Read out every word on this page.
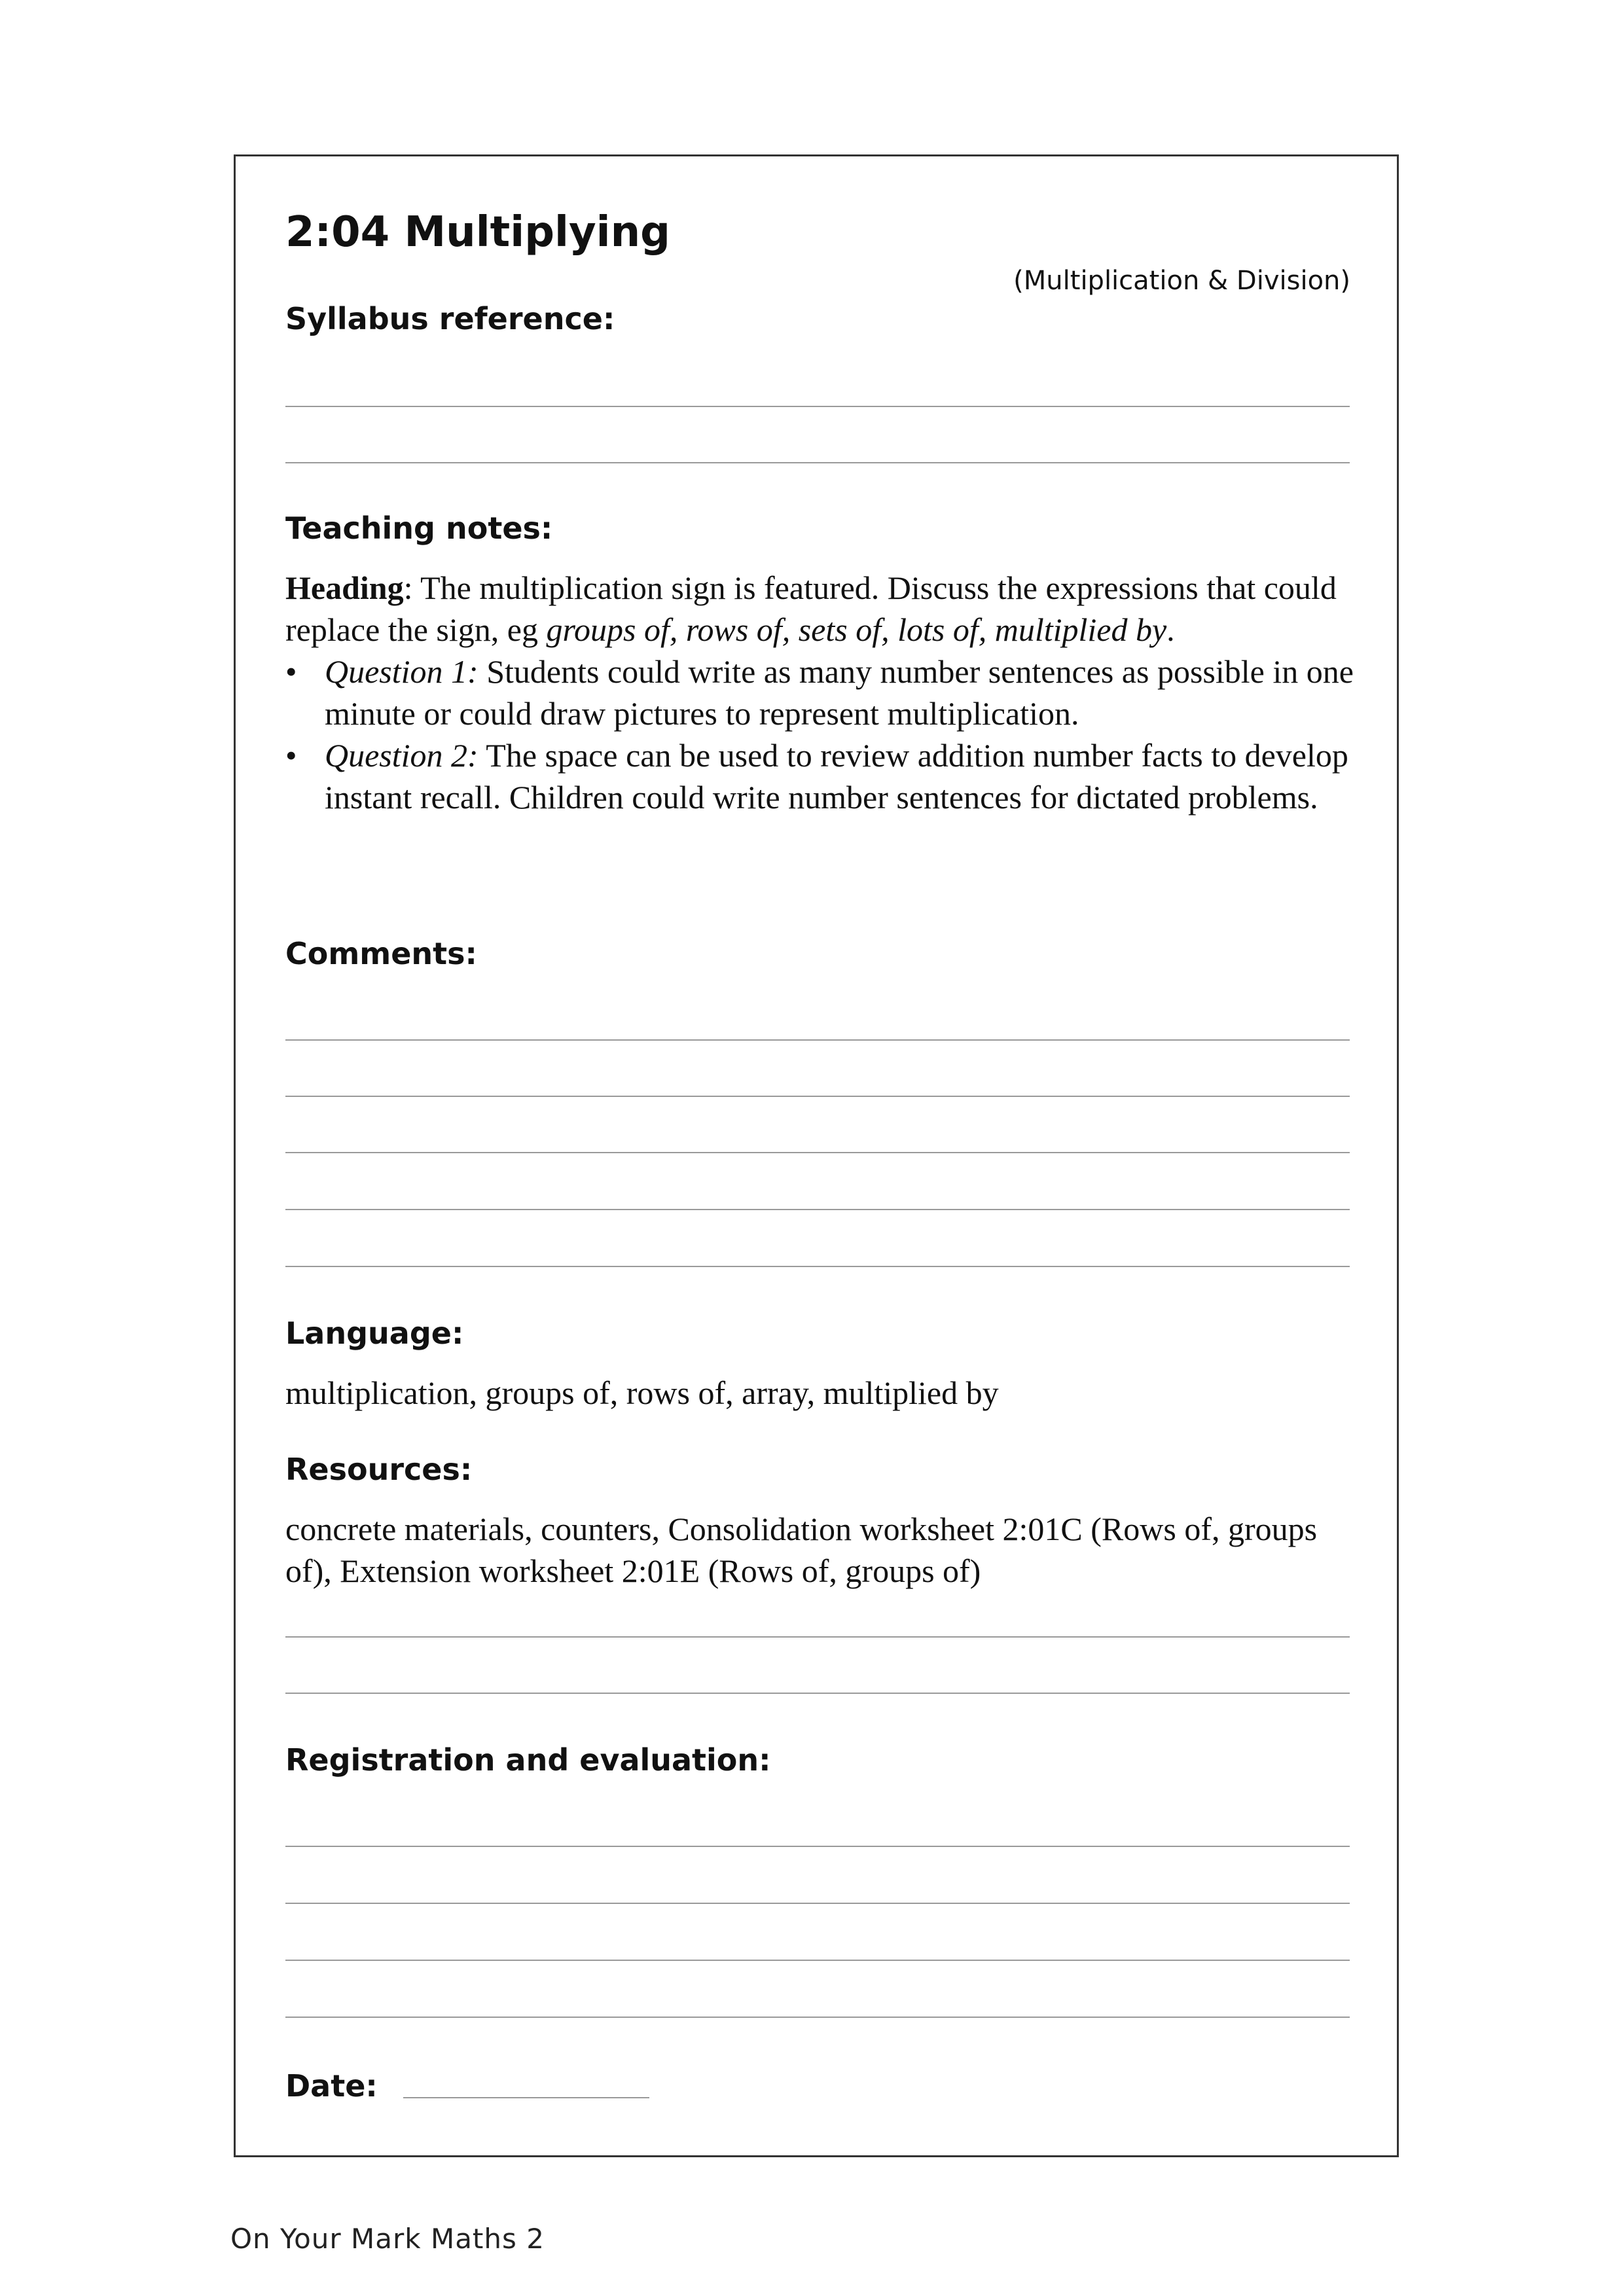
2:04 Multiplying
(Multiplication & Division)
Syllabus reference:
Teaching notes:

Heading: The multiplication sign is featured. Discuss the expressions that could replace the sign, eg groups of, rows of, sets of, lots of, multiplied by.

• Question 1: Students could write as many number sentences as possible in one minute or could draw pictures to represent multiplication.
• Question 2: The space can be used to review addition number facts to develop instant recall. Children could write number sentences for dictated problems.
Comments:
Language:

multiplication, groups of, rows of, array, multiplied by

Resources:

concrete materials, counters, Consolidation worksheet 2:01C (Rows of, groups of), Extension worksheet 2:01E (Rows of, groups of)

Registration and evaluation:
Date:
On Your Mark Maths 2
